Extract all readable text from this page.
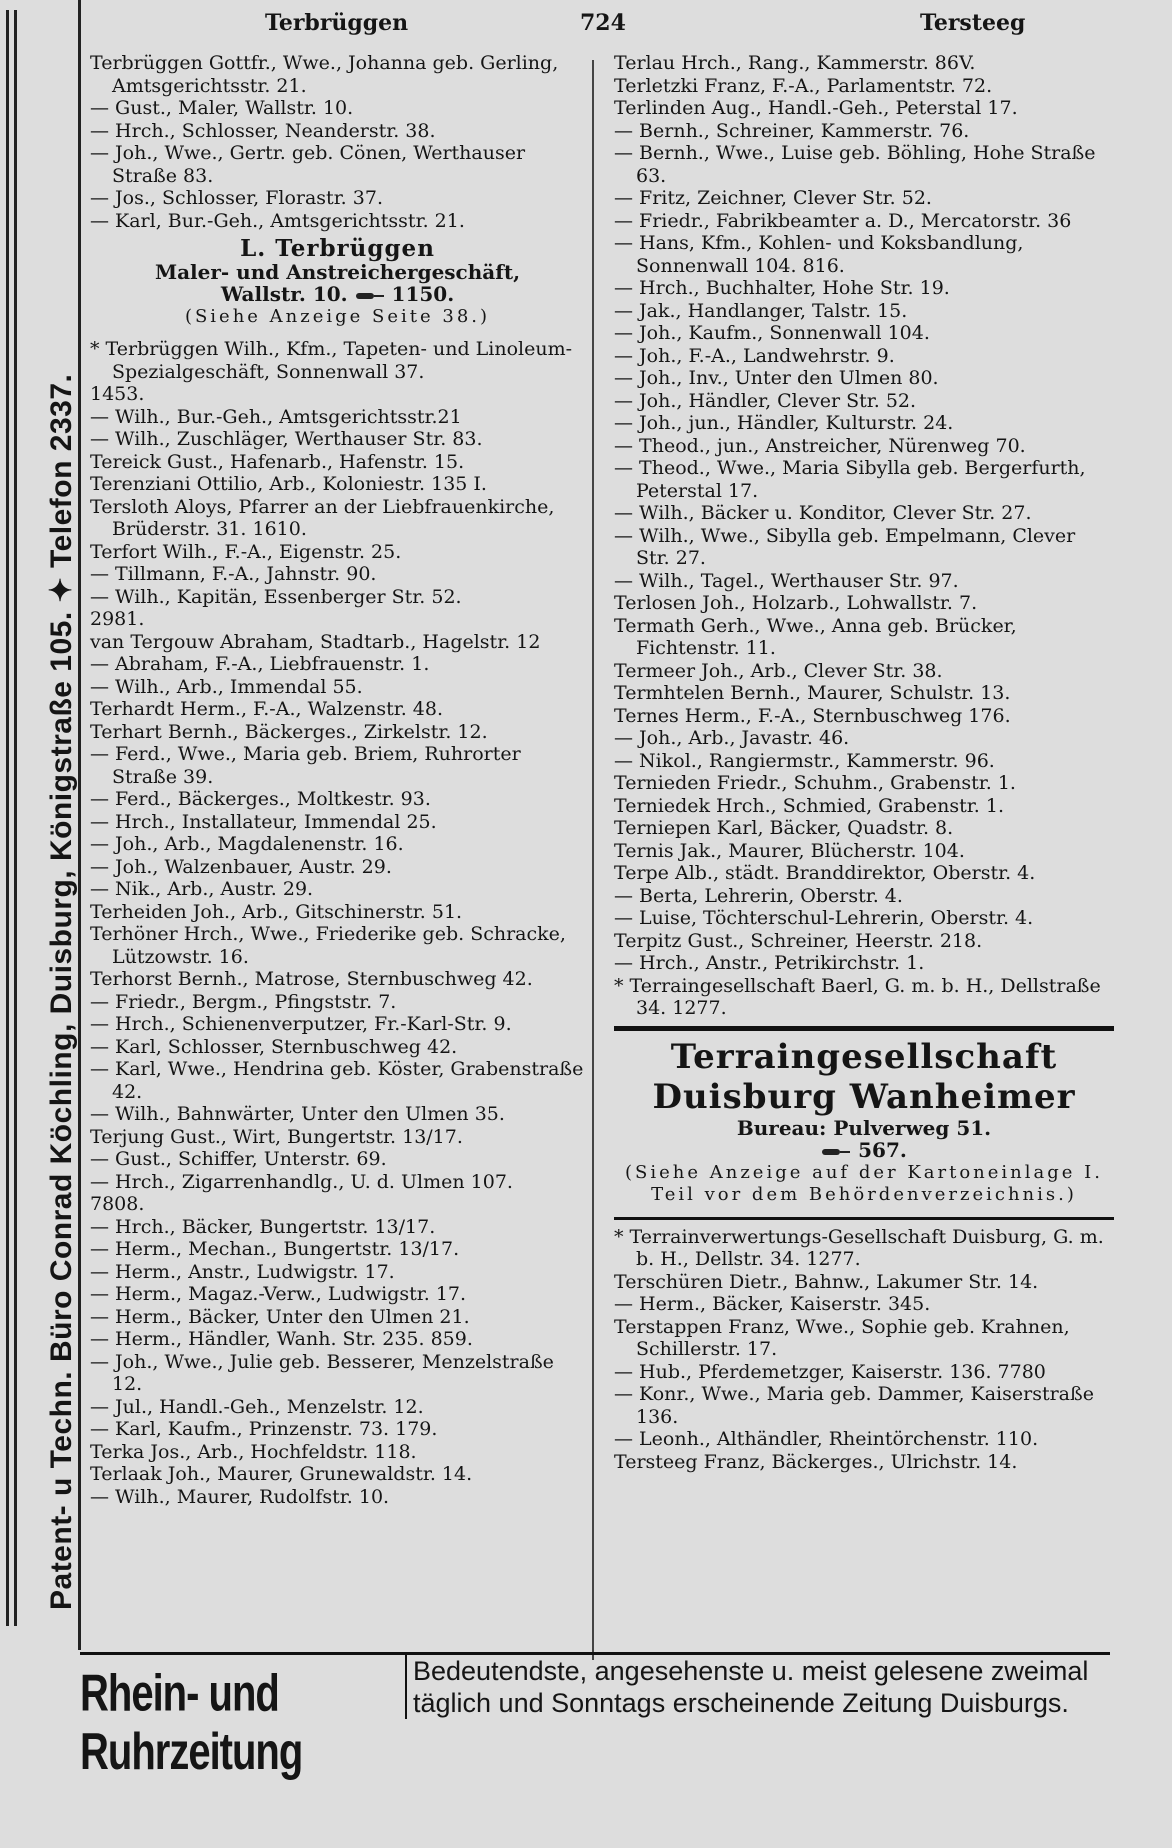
Patent- u Techn. Büro Conrad Köchling, Duisburg, Königstraße 105. ✦ Telefon 2337.
Terbrüggen	724	Tersteeg

Terbrüggen Gottfr., Wwe., Johanna geb. Gerling, Amtsgerichtsstr. 21.

— Gust., Maler, Wallstr. 10.

— Hrch., Schlosser, Neanderstr. 38.

— Joh., Wwe., Gertr. geb. Cönen, Werthauser Straße 83.

— Jos., Schlosser, Florastr. 37.

— Karl, Bur.-Geh., Amtsgerichtsstr. 21.

L. Terbrüggen
Maler- und Anstreichergeschäft,
Wallstr. 10. 1150.
(Siehe Anzeige Seite 38.)

* Terbrüggen Wilh., Kfm., Tapeten- und Linoleum-Spezialgeschäft, Sonnenwall 37.

1453.

— Wilh., Bur.-Geh., Amtsgerichtsstr.21

— Wilh., Zuschläger, Werthauser Str. 83.

Tereick Gust., Hafenarb., Hafenstr. 15.

Terenziani Ottilio, Arb., Koloniestr. 135 I.

Tersloth Aloys, Pfarrer an der Liebfrauenkirche, Brüderstr. 31. 1610.

Terfort Wilh., F.-A., Eigenstr. 25.

— Tillmann, F.-A., Jahnstr. 90.

— Wilh., Kapitän, Essenberger Str. 52.

2981.

van Tergouw Abraham, Stadtarb., Hagelstr. 12

— Abraham, F.-A., Liebfrauenstr. 1.

— Wilh., Arb., Immendal 55.

Terhardt Herm., F.-A., Walzenstr. 48.

Terhart Bernh., Bäckerges., Zirkelstr. 12.

— Ferd., Wwe., Maria geb. Briem, Ruhrorter Straße 39.

— Ferd., Bäckerges., Moltkestr. 93.

— Hrch., Installateur, Immendal 25.

— Joh., Arb., Magdalenenstr. 16.

— Joh., Walzenbauer, Austr. 29.

— Nik., Arb., Austr. 29.

Terheiden Joh., Arb., Gitschinerstr. 51.

Terhöner Hrch., Wwe., Friederike geb. Schracke, Lützowstr. 16.

Terhorst Bernh., Matrose, Sternbuschweg 42.

— Friedr., Bergm., Pfingststr. 7.

— Hrch., Schienenverputzer, Fr.-Karl-Str. 9.

— Karl, Schlosser, Sternbuschweg 42.

— Karl, Wwe., Hendrina geb. Köster, Grabenstraße 42.

— Wilh., Bahnwärter, Unter den Ulmen 35.

Terjung Gust., Wirt, Bungertstr. 13/17.

— Gust., Schiffer, Unterstr. 69.

— Hrch., Zigarrenhandlg., U. d. Ulmen 107.

7808.

— Hrch., Bäcker, Bungertstr. 13/17.

— Herm., Mechan., Bungertstr. 13/17.

— Herm., Anstr., Ludwigstr. 17.

— Herm., Magaz.-Verw., Ludwigstr. 17.

— Herm., Bäcker, Unter den Ulmen 21.

— Herm., Händler, Wanh. Str. 235. 859.

— Joh., Wwe., Julie geb. Besserer, Menzelstraße 12.

— Jul., Handl.-Geh., Menzelstr. 12.

— Karl, Kaufm., Prinzenstr. 73. 179.

Terka Jos., Arb., Hochfeldstr. 118.

Terlaak Joh., Maurer, Grunewaldstr. 14.

— Wilh., Maurer, Rudolfstr. 10.

Terlau Hrch., Rang., Kammerstr. 86V.

Terletzki Franz, F.-A., Parlamentstr. 72.

Terlinden Aug., Handl.-Geh., Peterstal 17.

— Bernh., Schreiner, Kammerstr. 76.

— Bernh., Wwe., Luise geb. Böhling, Hohe Straße 63.

— Fritz, Zeichner, Clever Str. 52.

— Friedr., Fabrikbeamter a. D., Mercatorstr. 36

— Hans, Kfm., Kohlen- und Koksbandlung, Sonnenwall 104. 816.

— Hrch., Buchhalter, Hohe Str. 19.

— Jak., Handlanger, Talstr. 15.

— Joh., Kaufm., Sonnenwall 104.

— Joh., F.-A., Landwehrstr. 9.

— Joh., Inv., Unter den Ulmen 80.

— Joh., Händler, Clever Str. 52.

— Joh., jun., Händler, Kulturstr. 24.

— Theod., jun., Anstreicher, Nürenweg 70.

— Theod., Wwe., Maria Sibylla geb. Bergerfurth, Peterstal 17.

— Wilh., Bäcker u. Konditor, Clever Str. 27.

— Wilh., Wwe., Sibylla geb. Empelmann, Clever Str. 27.

— Wilh., Tagel., Werthauser Str. 97.

Terlosen Joh., Holzarb., Lohwallstr. 7.

Termath Gerh., Wwe., Anna geb. Brücker, Fichtenstr. 11.

Termeer Joh., Arb., Clever Str. 38.

Termhtelen Bernh., Maurer, Schulstr. 13.

Ternes Herm., F.-A., Sternbuschweg 176.

— Joh., Arb., Javastr. 46.

— Nikol., Rangiermstr., Kammerstr. 96.

Ternieden Friedr., Schuhm., Grabenstr. 1.

Terniedek Hrch., Schmied, Grabenstr. 1.

Terniepen Karl, Bäcker, Quadstr. 8.

Ternis Jak., Maurer, Blücherstr. 104.

Terpe Alb., städt. Branddirektor, Oberstr. 4.

— Berta, Lehrerin, Oberstr. 4.

— Luise, Töchterschul-Lehrerin, Oberstr. 4.

Terpitz Gust., Schreiner, Heerstr. 218.

— Hrch., Anstr., Petrikirchstr. 1.

* Terraingesellschaft Baerl, G. m. b. H., Dellstraße 34. 1277.

Terraingesellschaft
Duisburg Wanheimer
Bureau: Pulverweg 51.
567.
(Siehe Anzeige auf der Kartoneinlage I. Teil vor dem Behördenverzeichnis.)

* Terrainverwertungs-Gesellschaft Duisburg, G. m. b. H., Dellstr. 34. 1277.

Terschüren Dietr., Bahnw., Lakumer Str. 14.

— Herm., Bäcker, Kaiserstr. 345.

Terstappen Franz, Wwe., Sophie geb. Krahnen, Schillerstr. 17.

— Hub., Pferdemetzger, Kaiserstr. 136. 7780

— Konr., Wwe., Maria geb. Dammer, Kaiserstraße 136.

— Leonh., Althändler, Rheintörchenstr. 110.

Tersteeg Franz, Bäckerges., Ulrichstr. 14.

Rhein- und Ruhrzeitung
Bedeutendste, angesehenste u. meist gelesene zweimal
täglich und Sonntags erscheinende Zeitung Duisburgs.
